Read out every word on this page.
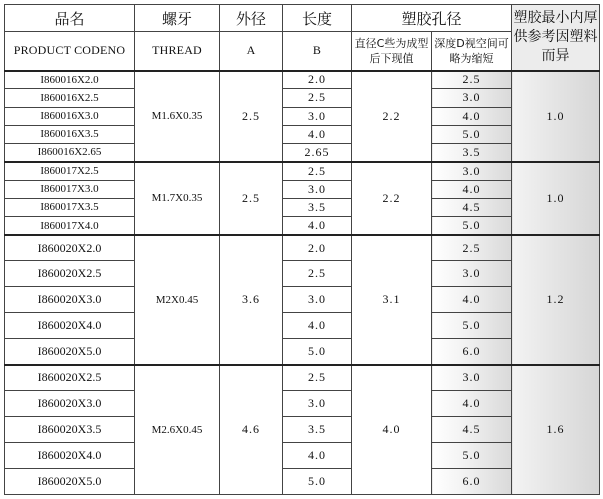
品名	螺牙	外径	长度	塑胶孔径		塑胶最小内厚供参考因塑料而异
PRODUCT CODENO	THREAD	A	B	直径C些为成型后下现值	深度D视空间可略为缩短	
I860016X2.0	M1.6X0.35	2.5	2.0	2.2	2.5	1.0
I860016X2.5			2.5		3.0	
I860016X3.0			3.0		4.0	
I860016X3.5			4.0		5.0	
I860016X2.65			2.65		3.5	
I860017X2.5	M1.7X0.35	2.5	2.5	2.2	3.0	1.0
I860017X3.0			3.0		4.0	
I860017X3.5			3.5		4.5	
I860017X4.0			4.0		5.0	
I860020X2.0	M2X0.45	3.6	2.0	3.1	2.5	1.2
I860020X2.5			2.5		3.0	
I860020X3.0			3.0		4.0	
I860020X4.0			4.0		5.0	
I860020X5.0			5.0		6.0	
I860020X2.5	M2.6X0.45	4.6	2.5	4.0	3.0	1.6
I860020X3.0			3.0		4.0	
I860020X3.5			3.5		4.5	
I860020X4.0			4.0		5.0	
I860020X5.0			5.0		6.0	
